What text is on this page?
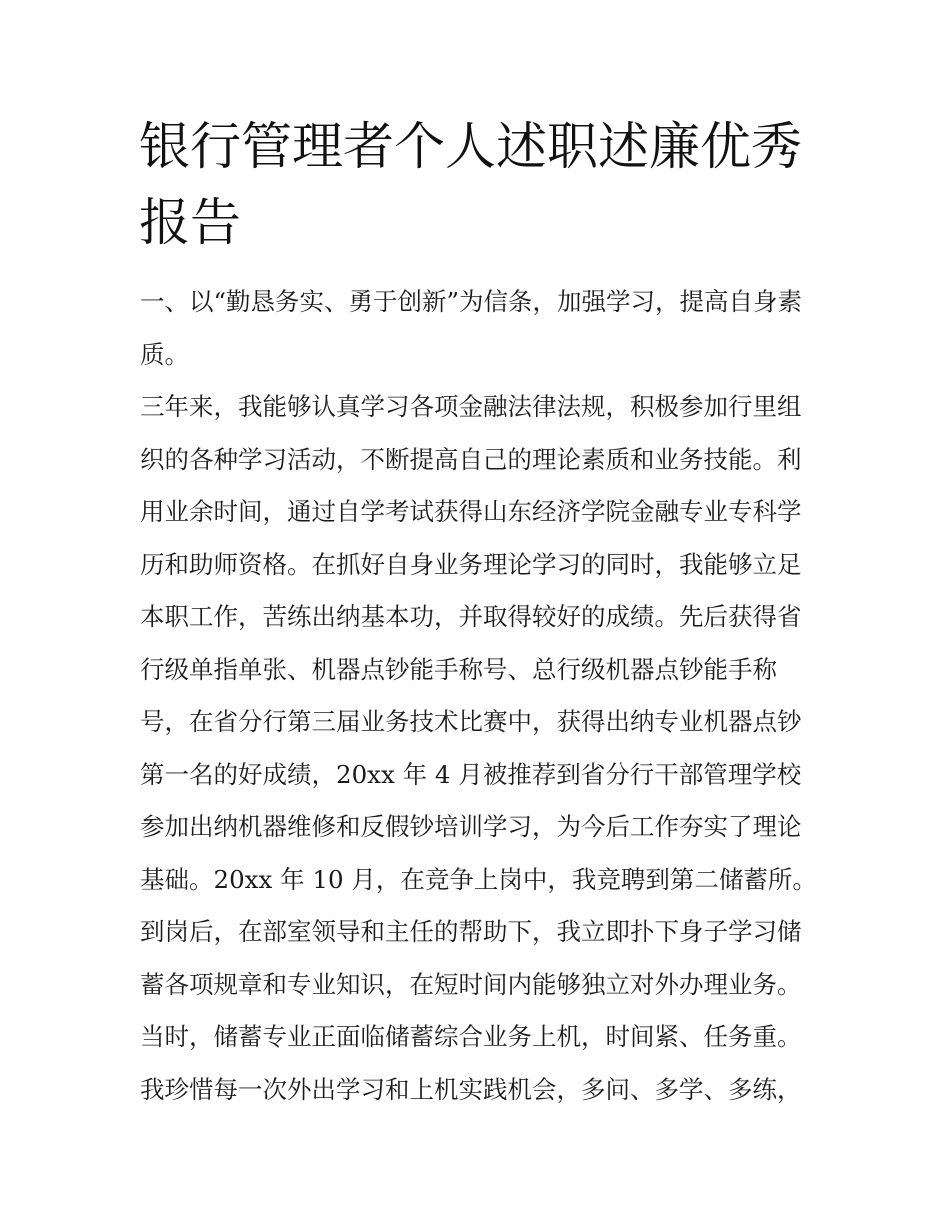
银行管理者个人述职述廉优秀
报告
一、以“勤恳务实、勇于创新”为信条，加强学习，提高自身素
质。
三年来，我能够认真学习各项金融法律法规，积极参加行里组
织的各种学习活动，不断提高自己的理论素质和业务技能。利
用业余时间，通过自学考试获得山东经济学院金融专业专科学
历和助师资格。在抓好自身业务理论学习的同时，我能够立足
本职工作，苦练出纳基本功，并取得较好的成绩。先后获得省
行级单指单张、机器点钞能手称号、总行级机器点钞能手称
号，在省分行第三届业务技术比赛中，获得出纳专业机器点钞
第一名的好成绩，20xx 年 4 月被推荐到省分行干部管理学校
参加出纳机器维修和反假钞培训学习，为今后工作夯实了理论
基础。20xx 年 10 月，在竞争上岗中，我竞聘到第二储蓄所。
到岗后，在部室领导和主任的帮助下，我立即扑下身子学习储
蓄各项规章和专业知识，在短时间内能够独立对外办理业务。
当时，储蓄专业正面临储蓄综合业务上机，时间紧、任务重。
我珍惜每一次外出学习和上机实践机会，多问、多学、多练，
